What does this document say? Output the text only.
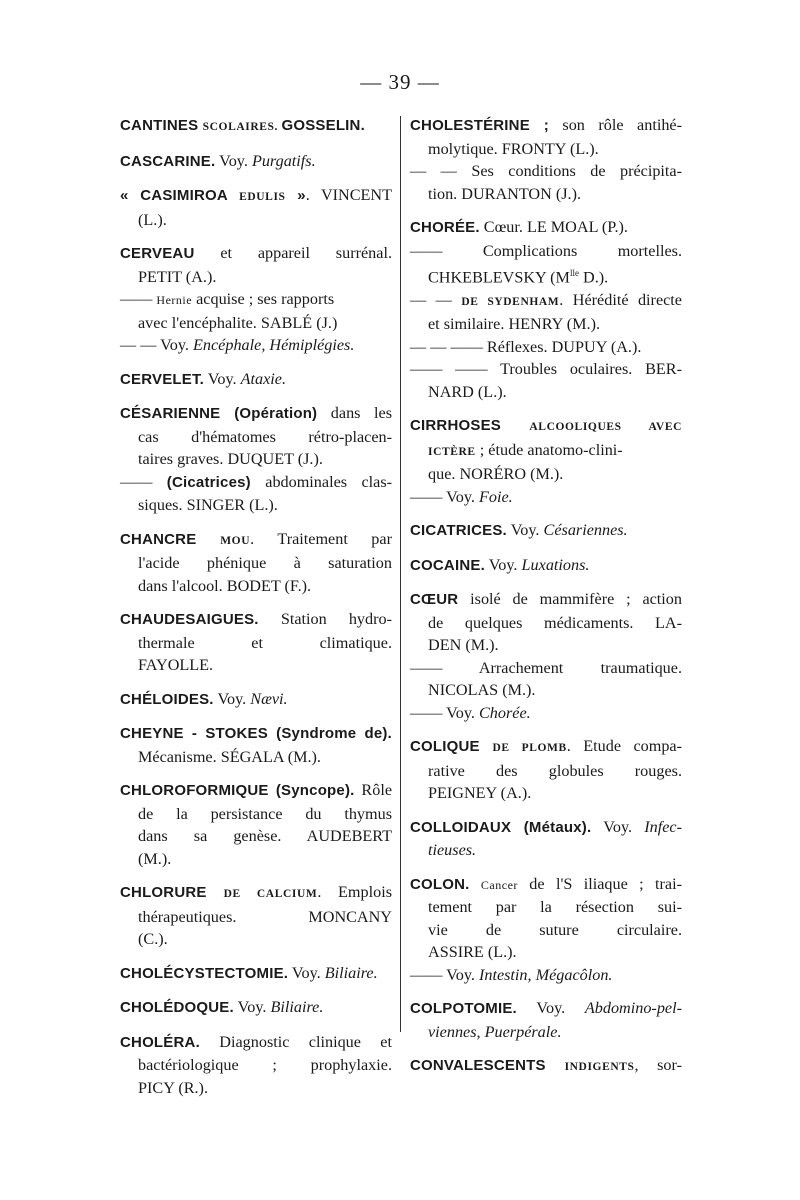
— 39 —
CANTINES SCOLAIRES. GOSSELIN.
CASCARINE. Voy. Purgatifs.
« CASIMIROA EDULIS ». VINCENT
(L.).
CERVEAU et appareil surrénal.
PETIT (A.).
—— Hernie acquise ; ses rapports
avec l'encéphalite. SABLÉ (J.)
— — Voy. Encéphale, Hémiplégies.
CERVELET. Voy. Ataxie.
CÉSARIENNE (Opération) dans les
cas d'hématomes rétro-placen-
taires graves. DUQUET (J.).
—— (Cicatrices) abdominales clas-
siques. SINGER (L.).
CHANCRE MOU. Traitement par
l'acide phénique à saturation
dans l'alcool. BODET (F.).
CHAUDESAIGUES. Station hydro-
thermale et climatique.
FAYOLLE.
CHÉLOIDES. Voy. Nævi.
CHEYNE - STOKES (Syndrome de).
Mécanisme. SÉGALA (M.).
CHLOROFORMIQUE (Syncope). Rôle
de la persistance du thymus
dans sa genèse. AUDEBERT
(M.).
CHLORURE DE CALCIUM. Emplois
thérapeutiques. MONCANY
(C.).
CHOLÉCYSTECTOMIE. Voy. Biliaire.
CHOLÉDOQUE. Voy. Biliaire.
CHOLÉRA. Diagnostic clinique et
bactériologique ; prophylaxie.
PICY (R.).
CHOLESTÉRINE ; son rôle antihé-
molytique. FRONTY (L.).
— — Ses conditions de précipita-
tion. DURANTON (J.).
CHORÉE. Cœur. LE MOAL (P.).
—— Complications mortelles.
CHKEBLEVSKY ($M^{lle}$ D.).
— — DE SYDENHAM. Hérédité directe
et similaire. HENRY (M.).
— — —— Réflexes. DUPUY (A.).
—— —— Troubles oculaires. BER-
NARD (L.).
CIRRHOSES ALCOOLIQUES AVEC
ICTÈRE ; étude anatomo-clini-
que. NORÉRO (M.).
—— Voy. Foie.
CICATRICES. Voy. Césariennes.
COCAINE. Voy. Luxations.
CŒUR isolé de mammifère ; action
de quelques médicaments. LA-
DEN (M.).
—— Arrachement traumatique.
NICOLAS (M.).
—— Voy. Chorée.
COLIQUE DE PLOMB. Etude compa-
rative des globules rouges.
PEIGNEY (A.).
COLLOIDAUX (Métaux). Voy. Infec-
tieuses.
COLON. Cancer de l'S iliaque ; trai-
tement par la résection sui-
vie de suture circulaire.
ASSIRE (L.).
—— Voy. Intestin, Mégacôlon.
COLPOTOMIE. Voy. Abdomino-pel-
viennes, Puerpérale.
CONVALESCENTS INDIGENTS, sor-
